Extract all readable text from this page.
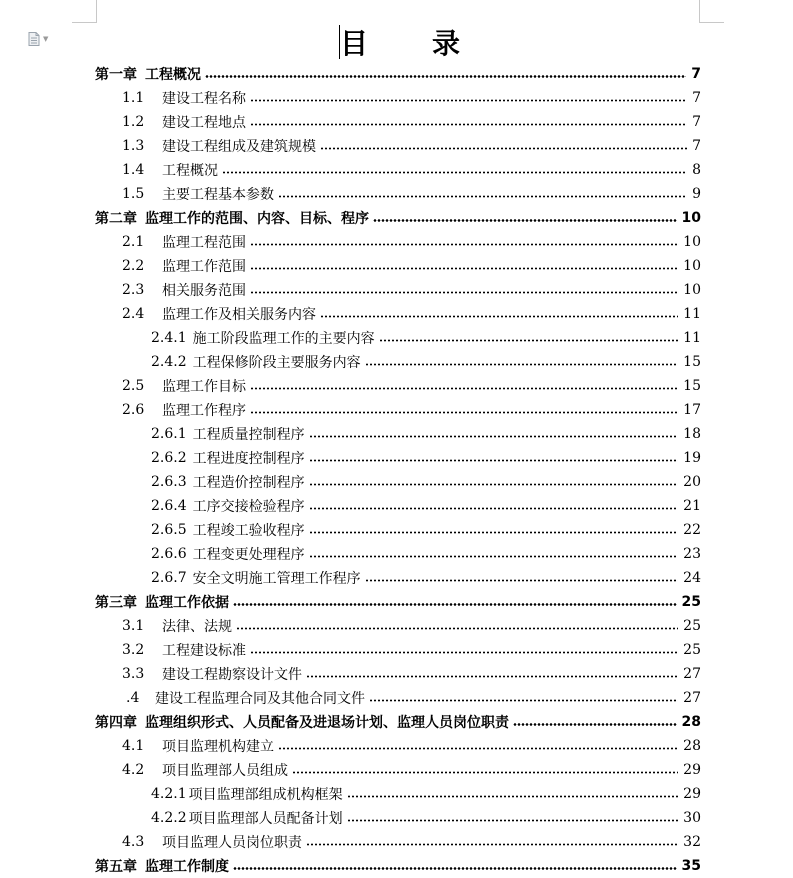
▼	目 录
第一章 工程概况	7
1.1	建设工程名称	7
1.2	建设工程地点	7
1.3	建设工程组成及建筑规模	7
1.4	工程概况	8
1.5	主要工程基本参数	9
第二章 监理工作的范围、内容、目标、程序	10
2.1	监理工程范围	10
2.2	监理工作范围	10
2.3	相关服务范围	10
2.4	监理工作及相关服务内容	11
2.4.1 施工阶段监理工作的主要内容	11
2.4.2 工程保修阶段主要服务内容	15
2.5	监理工作目标	15
2.6	监理工作程序	17
2.6.1 工程质量控制程序	18
2.6.2 工程进度控制程序	19
2.6.3 工程造价控制程序	20
2.6.4 工序交接检验程序	21
2.6.5 工程竣工验收程序	22
2.6.6 工程变更处理程序	23
2.6.7 安全文明施工管理工作程序	24
第三章 监理工作依据	25
3.1	法律、法规	25
3.2	工程建设标准	25
3.3	建设工程勘察设计文件	27
.4	建设工程监理合同及其他合同文件	27
第四章 监理组织形式、人员配备及进退场计划、监理人员岗位职责	28
4.1	项目监理机构建立	28
4.2	项目监理部人员组成	29
4.2.1 项目监理部组成机构框架	29
4.2.2 项目监理部人员配备计划	30
4.3	项目监理人员岗位职责	32
第五章 监理工作制度	35
